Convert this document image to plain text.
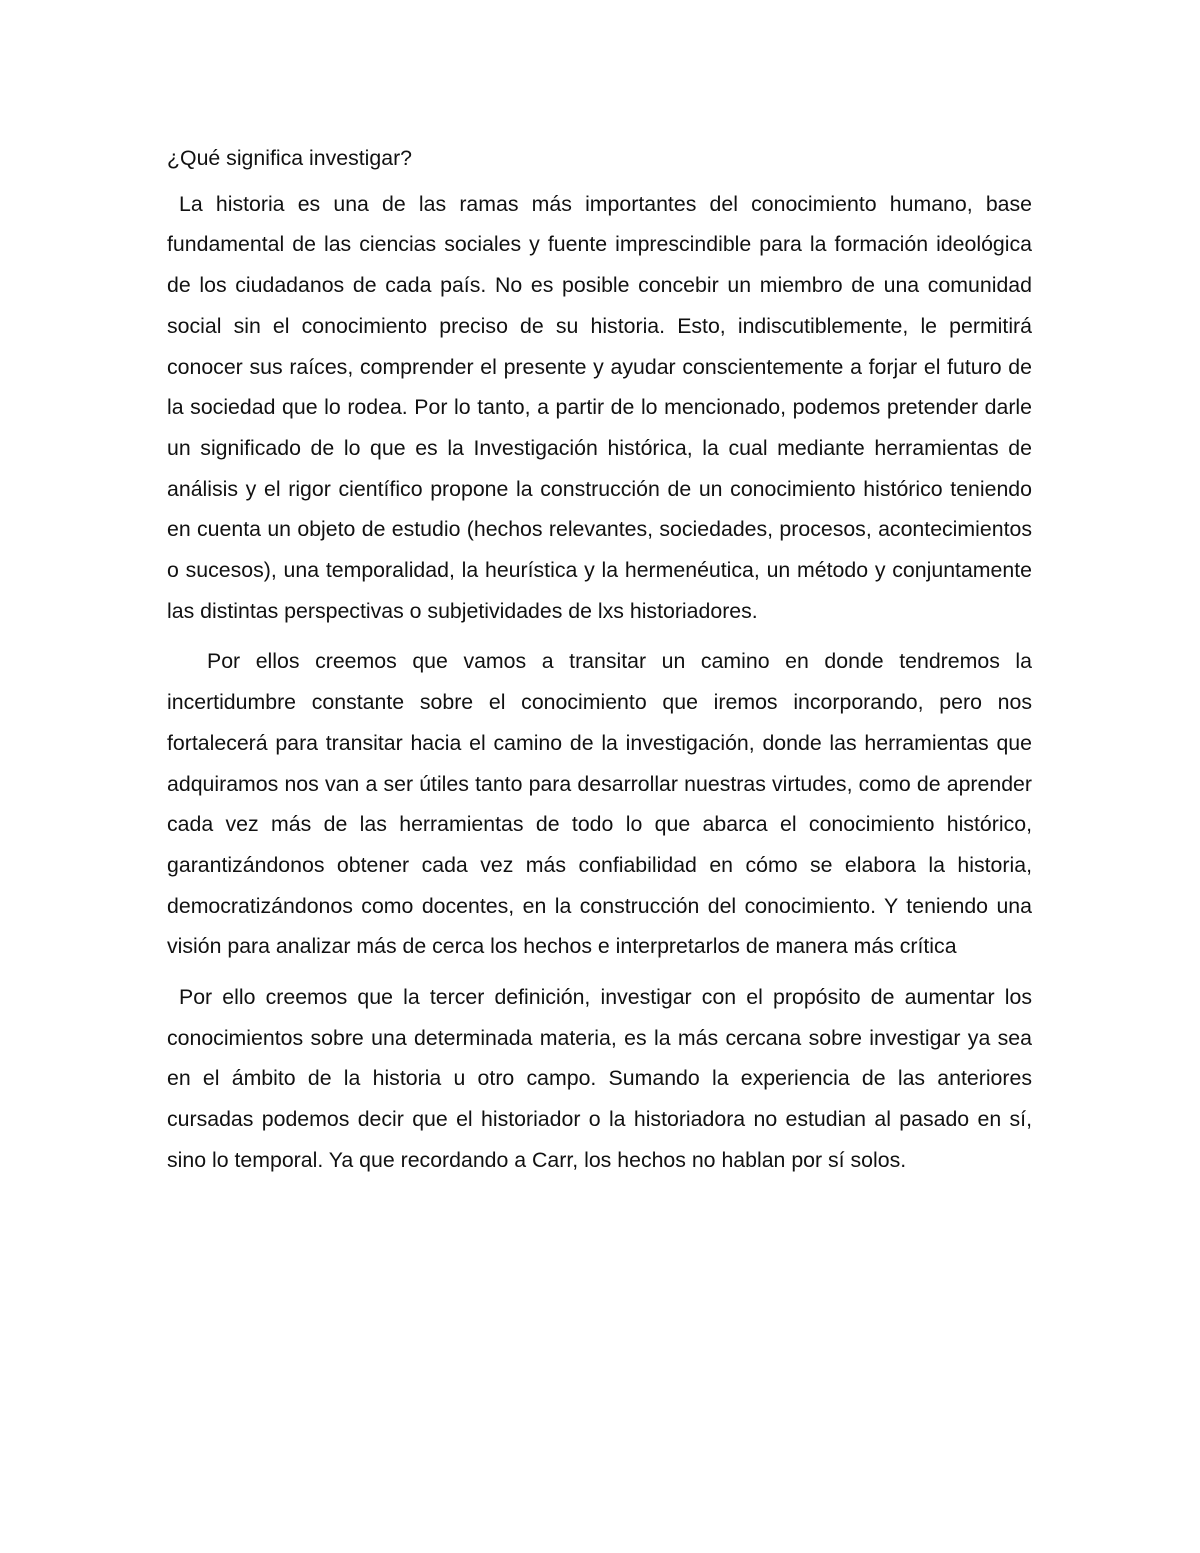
¿Qué significa investigar?

La historia es una de las ramas más importantes del conocimiento humano, base fundamental de las ciencias sociales y fuente imprescindible para la formación ideológica de los ciudadanos de cada país. No es posible concebir un miembro de una comunidad social sin el conocimiento preciso de su historia. Esto, indiscutiblemente, le permitirá conocer sus raíces, comprender el presente y ayudar conscientemente a forjar el futuro de la sociedad que lo rodea. Por lo tanto, a partir de lo mencionado, podemos pretender darle un significado de lo que es la Investigación histórica, la cual mediante herramientas de análisis y el rigor científico propone la construcción de un conocimiento histórico teniendo en cuenta un objeto de estudio (hechos relevantes, sociedades, procesos, acontecimientos o sucesos), una temporalidad, la heurística y la hermenéutica, un método y conjuntamente las distintas perspectivas o subjetividades de lxs historiadores.

Por ellos creemos que vamos a transitar un camino en donde tendremos la incertidumbre constante sobre el conocimiento que iremos incorporando, pero nos fortalecerá para transitar hacia el camino de la investigación, donde las herramientas que adquiramos nos van a ser útiles tanto para desarrollar nuestras virtudes, como de aprender cada vez más de las herramientas de todo lo que abarca el conocimiento histórico, garantizándonos obtener cada vez más confiabilidad en cómo se elabora la historia, democratizándonos como docentes, en la construcción del conocimiento. Y teniendo una visión para analizar más de cerca los hechos e interpretarlos de manera más crítica

Por ello creemos que la tercer definición, investigar con el propósito de aumentar los conocimientos sobre una determinada materia, es la más cercana sobre investigar ya sea en el ámbito de la historia u otro campo. Sumando la experiencia de las anteriores cursadas podemos decir que el historiador o la historiadora no estudian al pasado en sí, sino lo temporal. Ya que recordando a Carr, los hechos no hablan por sí solos.
